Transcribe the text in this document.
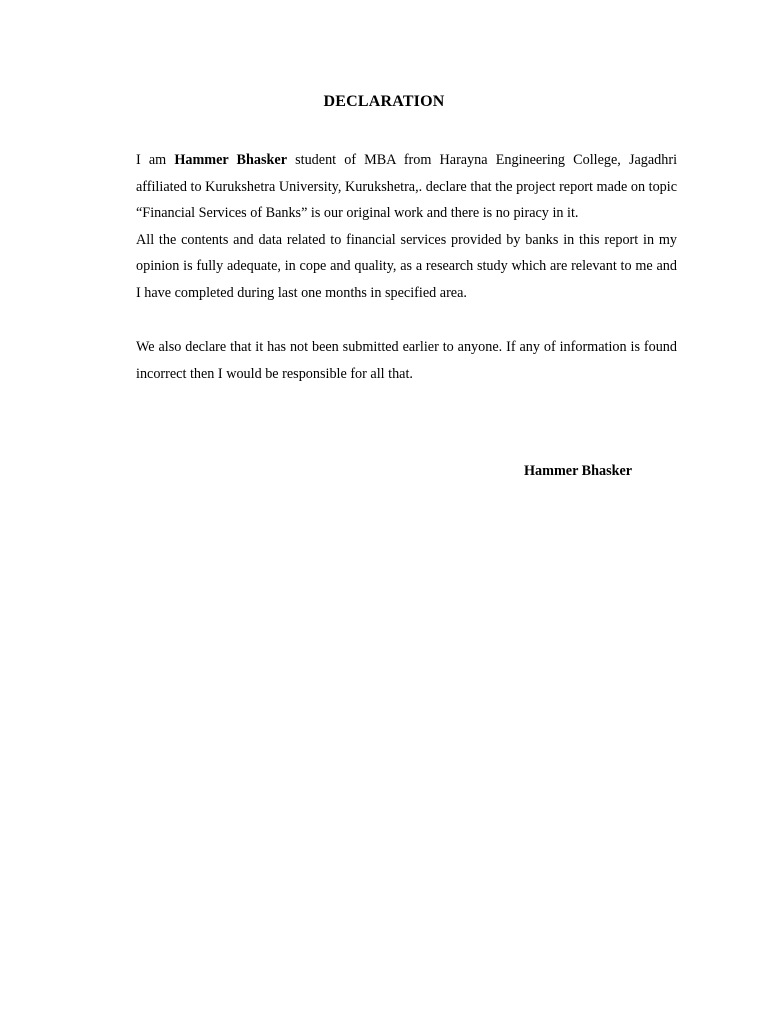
DECLARATION

I am Hammer Bhasker student of MBA from Harayna Engineering College, Jagadhri affiliated to Kurukshetra University, Kurukshetra,. declare that the project report made on topic “Financial Services of Banks” is our original work and there is no piracy in it.

All the contents and data related to financial services provided by banks in this report in my opinion is fully adequate, in cope and quality, as a research study which are relevant to me and I have completed during last one months in specified area.

We also declare that it has not been submitted earlier to anyone. If any of information is found incorrect then I would be responsible for all that.

Hammer Bhasker
